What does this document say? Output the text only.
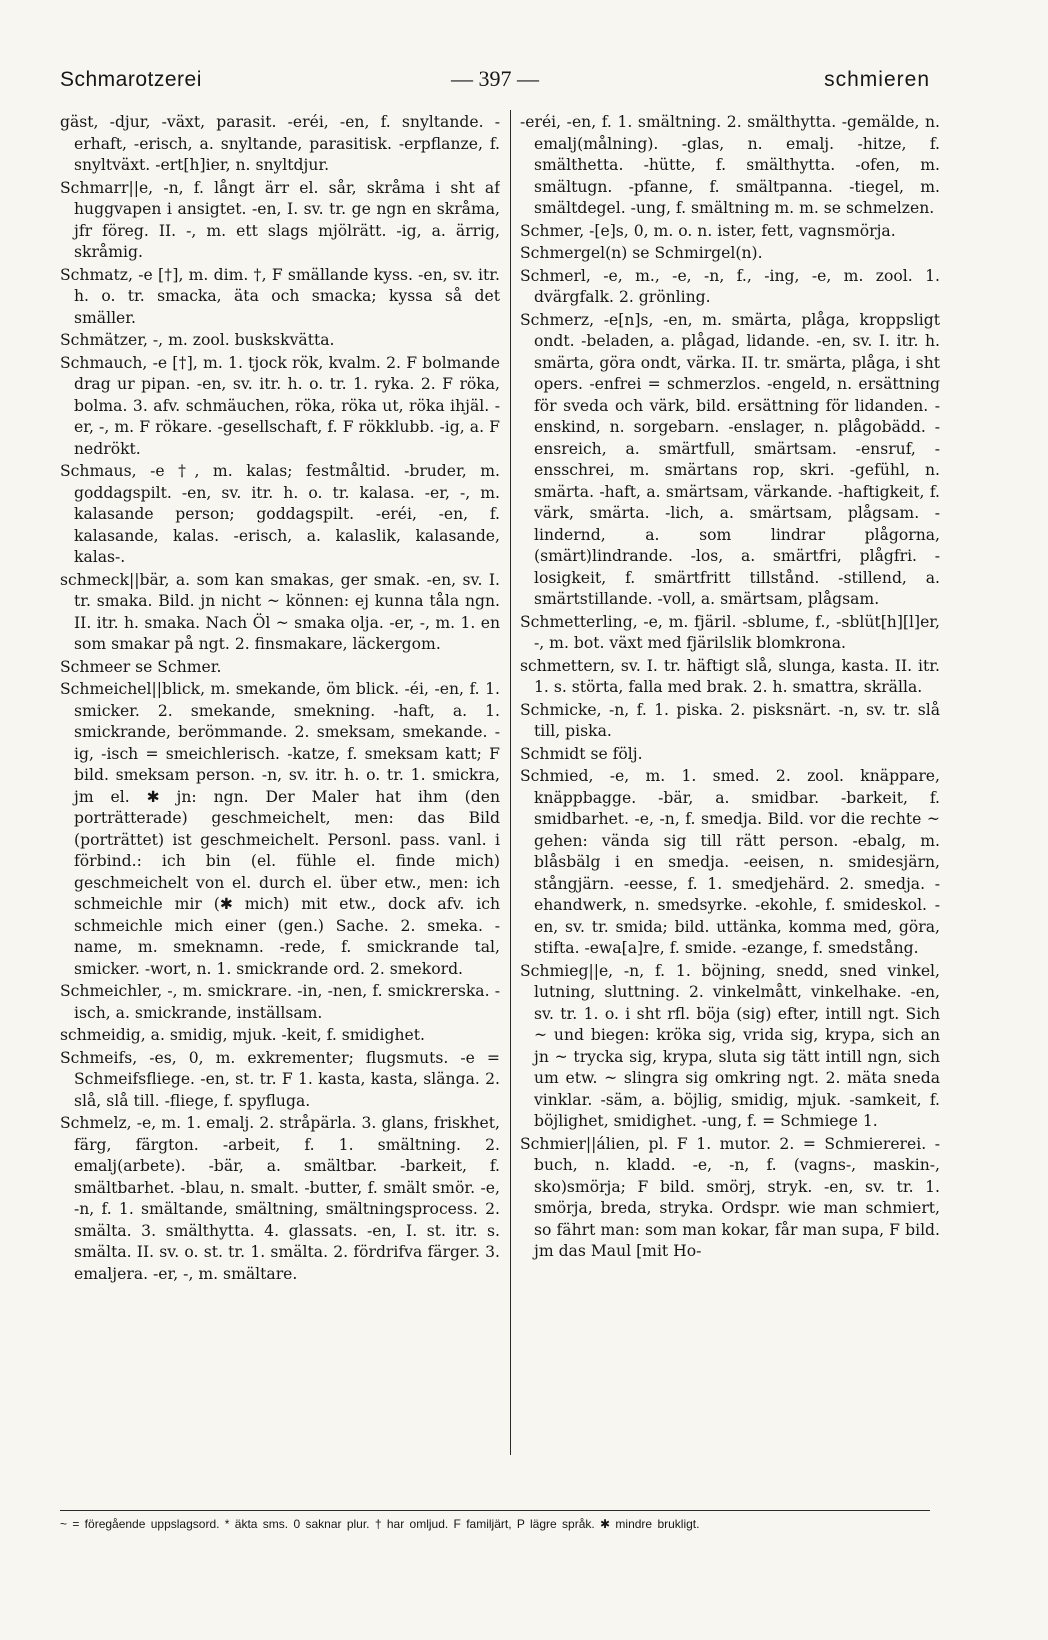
Schmarotzerei	— 397 —	schmieren
gäst, -djur, -växt, parasit. -eréi, -en, f. snyltande. -erhaft, -erisch, a. snyltande, parasitisk. -erpflanze, f. snyltväxt. -ert[h]ier, n. snyltdjur.
Schmarr||e, -n, f. långt ärr el. sår, skråma i sht af huggvapen i ansigtet. -en, I. sv. tr. ge ngn en skråma, jfr föreg. II. -, m. ett slags mjölrätt. -ig, a. ärrig, skråmig.
Schmatz, -e [†], m. dim. †, F smällande kyss. -en, sv. itr. h. o. tr. smacka, äta och smacka; kyssa så det smäller.
Schmätzer, -, m. zool. buskskvätta.
Schmauch, -e [†], m. 1. tjock rök, kvalm. 2. F bolmande drag ur pipan. -en, sv. itr. h. o. tr. 1. ryka. 2. F röka, bolma. 3. afv. schmäuchen, röka, röka ut, röka ihjäl. -er, -, m. F rökare. -gesellschaft, f. F rökklubb. -ig, a. F nedrökt.
Schmaus, -e †, m. kalas; festmåltid. -bruder, m. goddagspilt. -en, sv. itr. h. o. tr. kalasa. -er, -, m. kalasande person; goddagspilt. -eréi, -en, f. kalasande, kalas. -erisch, a. kalaslik, kalasande, kalas-.
schmeck||bär, a. som kan smakas, ger smak. -en, sv. I. tr. smaka. Bild. jn nicht ~ können: ej kunna tåla ngn. II. itr. h. smaka. Nach Öl ~ smaka olja. -er, -, m. 1. en som smakar på ngt. 2. finsmakare, läckergom.
Schmeer se Schmer.
Schmeichel||blick, m. smekande, öm blick. -éi, -en, f. 1. smicker. 2. smekande, smekning. -haft, a. 1. smickrande, berömmande. 2. smeksam, smekande. -ig, -isch = smeichlerisch. -katze, f. smeksam katt; F bild. smeksam person. -n, sv. itr. h. o. tr. 1. smickra, jm el. ✱ jn: ngn. Der Maler hat ihm (den porträtterade) geschmeichelt, men: das Bild (porträttet) ist geschmeichelt. Personl. pass. vanl. i förbind.: ich bin (el. fühle el. finde mich) geschmeichelt von el. durch el. über etw., men: ich schmeichle mir (✱ mich) mit etw., dock afv. ich schmeichle mich einer (gen.) Sache. 2. smeka. -name, m. smeknamn. -rede, f. smickrande tal, smicker. -wort, n. 1. smickrande ord. 2. smekord.
Schmeichler, -, m. smickrare. -in, -nen, f. smickrerska. -isch, a. smickrande, inställsam.
schmeidig, a. smidig, mjuk. -keit, f. smidighet.
Schmeifs, -es, 0, m. exkrementer; flugsmuts. -e = Schmeifsfliege. -en, st. tr. F 1. kasta, kasta, slänga. 2. slå, slå till. -fliege, f. spyfluga.
Schmelz, -e, m. 1. emalj. 2. stråpärla. 3. glans, friskhet, färg, färgton. -arbeit, f. 1. smältning. 2. emalj(arbete). -bär, a. smältbar. -barkeit, f. smältbarhet. -blau, n. smalt. -butter, f. smält smör. -e, -n, f. 1. smältande, smältning, smältningsprocess. 2. smälta. 3. smälthytta. 4. glassats. -en, I. st. itr. s. smälta. II. sv. o. st. tr. 1. smälta. 2. fördrifva färger. 3. emaljera. -er, -, m. smältare.
-eréi, -en, f. 1. smältning. 2. smälthytta. -gemälde, n. emalj(målning). -glas, n. emalj. -hitze, f. smälthetta. -hütte, f. smälthytta. -ofen, m. smältugn. -pfanne, f. smältpanna. -tiegel, m. smältdegel. -ung, f. smältning m. m. se schmelzen.
Schmer, -[e]s, 0, m. o. n. ister, fett, vagnsmörja.
Schmergel(n) se Schmirgel(n).
Schmerl, -e, m., -e, -n, f., -ing, -e, m. zool. 1. dvärgfalk. 2. grönling.
Schmerz, -e[n]s, -en, m. smärta, plåga, kroppsligt ondt. -beladen, a. plågad, lidande. -en, sv. I. itr. h. smärta, göra ondt, värka. II. tr. smärta, plåga, i sht opers. -enfrei = schmerzlos. -engeld, n. ersättning för sveda och värk, bild. ersättning för lidanden. -enskind, n. sorgebarn. -enslager, n. plågobädd. -ensreich, a. smärtfull, smärtsam. -ensruf, -ensschrei, m. smärtans rop, skri. -gefühl, n. smärta. -haft, a. smärtsam, värkande. -haftigkeit, f. värk, smärta. -lich, a. smärtsam, plågsam. -lindernd, a. som lindrar plågorna, (smärt)lindrande. -los, a. smärtfri, plågfri. -losigkeit, f. smärtfritt tillstånd. -stillend, a. smärtstillande. -voll, a. smärtsam, plågsam.
Schmetterling, -e, m. fjäril. -sblume, f., -sblüt[h][l]er, -, m. bot. växt med fjärilslik blomkrona.
schmettern, sv. I. tr. häftigt slå, slunga, kasta. II. itr. 1. s. störta, falla med brak. 2. h. smattra, skrälla.
Schmicke, -n, f. 1. piska. 2. pisksnärt. -n, sv. tr. slå till, piska.
Schmidt se följ.
Schmied, -e, m. 1. smed. 2. zool. knäppare, knäppbagge. -bär, a. smidbar. -barkeit, f. smidbarhet. -e, -n, f. smedja. Bild. vor die rechte ~ gehen: vända sig till rätt person. -ebalg, m. blåsbälg i en smedja. -eeisen, n. smidesjärn, stångjärn. -eesse, f. 1. smedjehärd. 2. smedja. -ehandwerk, n. smedsyrke. -ekohle, f. smideskol. -en, sv. tr. smida; bild. uttänka, komma med, göra, stifta. -ewa[a]re, f. smide. -ezange, f. smedstång.
Schmieg||e, -n, f. 1. böjning, snedd, sned vinkel, lutning, sluttning. 2. vinkelmått, vinkelhake. -en, sv. tr. 1. o. i sht rfl. böja (sig) efter, intill ngt. Sich ~ und biegen: kröka sig, vrida sig, krypa, sich an jn ~ trycka sig, krypa, sluta sig tätt intill ngn, sich um etw. ~ slingra sig omkring ngt. 2. mäta sneda vinklar. -säm, a. böjlig, smidig, mjuk. -samkeit, f. böjlighet, smidighet. -ung, f. = Schmiege 1.
Schmier||álien, pl. F 1. mutor. 2. = Schmiererei. -buch, n. kladd. -e, -n, f. (vagns-, maskin-, sko)smörja; F bild. smörj, stryk. -en, sv. tr. 1. smörja, breda, stryka. Ordspr. wie man schmiert, so fährt man: som man kokar, får man supa, F bild. jm das Maul [mit Ho-
~ = föregående uppslagsord. * äkta sms. 0 saknar plur. † har omljud. F familjärt, P lägre språk. ✱ mindre brukligt.
